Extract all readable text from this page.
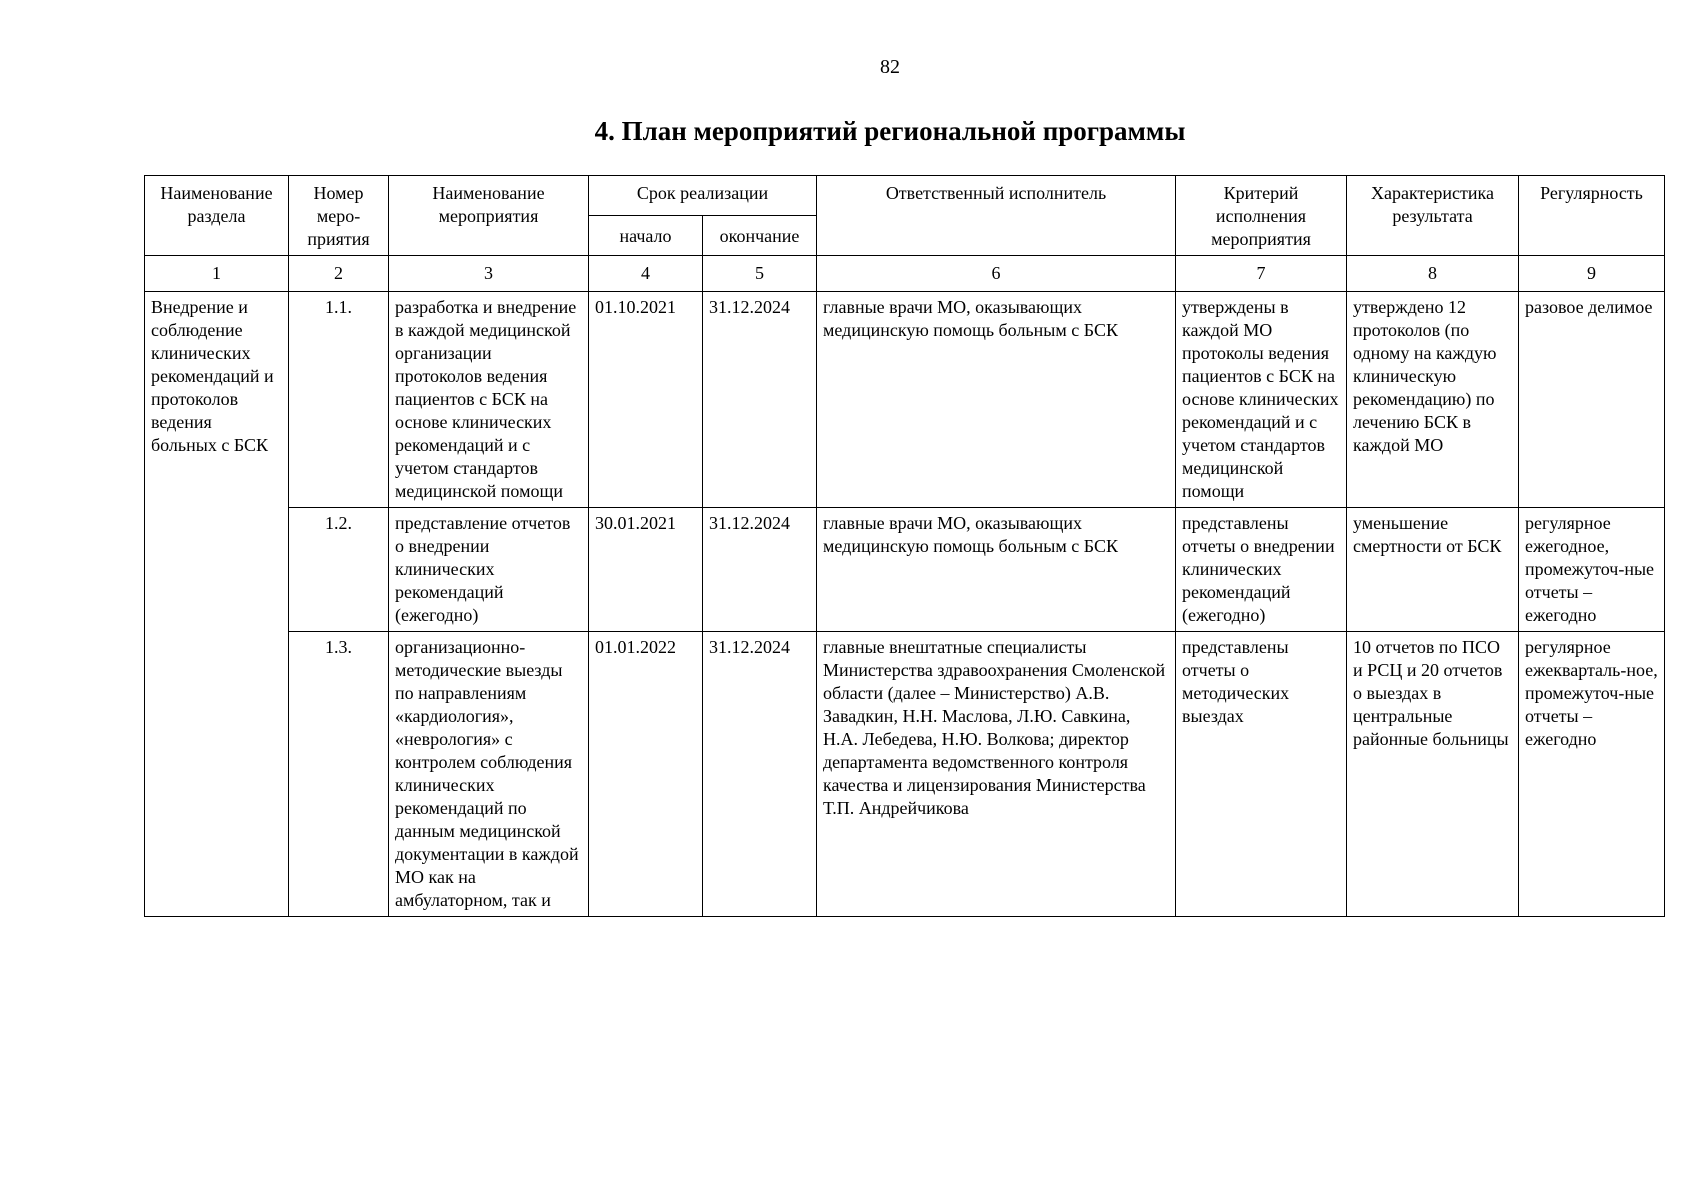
82
4. План мероприятий региональной программы
Наименование раздела	Номер меро-приятия	Наименование мероприятия	Срок реализации		Ответственный исполнитель	Критерий исполнения мероприятия	Характеристика результата	Регулярность
			начало	окончание				
1	2	3	4	5	6	7	8	9
Внедрение и соблюдение клинических рекомендаций и протоколов ведения больных с БСК	1.1.	разработка и внедрение в каждой медицинской организации протоколов ведения пациентов с БСК на основе клинических рекомендаций и с учетом стандартов медицинской помощи	01.10.2021	31.12.2024	главные врачи МО, оказывающих медицинскую помощь больным с БСК	утверждены в каждой МО протоколы ведения пациентов с БСК на основе клинических рекомендаций и с учетом стандартов медицинской помощи	утверждено 12 протоколов (по одному на каждую клиническую рекомендацию) по лечению БСК в каждой МО	разовое делимое
	1.2.	представление отчетов о внедрении клинических рекомендаций (ежегодно)	30.01.2021	31.12.2024	главные врачи МО, оказывающих медицинскую помощь больным с БСК	представлены отчеты о внедрении клинических рекомендаций (ежегодно)	уменьшение смертности от БСК	регулярное ежегодное, промежуточ-ные отчеты – ежегодно
	1.3.	организационно-методические выезды по направлениям «кардиология», «неврология» с контролем соблюдения клинических рекомендаций по данным медицинской документации в каждой МО как на амбулаторном, так и	01.01.2022	31.12.2024	главные внештатные специалисты Министерства здравоохранения Смоленской области (далее – Министерство) А.В. Завадкин, Н.Н. Маслова, Л.Ю. Савкина, Н.А. Лебедева, Н.Ю. Волкова; директор департамента ведомственного контроля качества и лицензирования Министерства Т.П. Андрейчикова	представлены отчеты о методических выездах	10 отчетов по ПСО и РСЦ и 20 отчетов о выездах в центральные районные больницы	регулярное ежекварталь-ное, промежуточ-ные отчеты – ежегодно
